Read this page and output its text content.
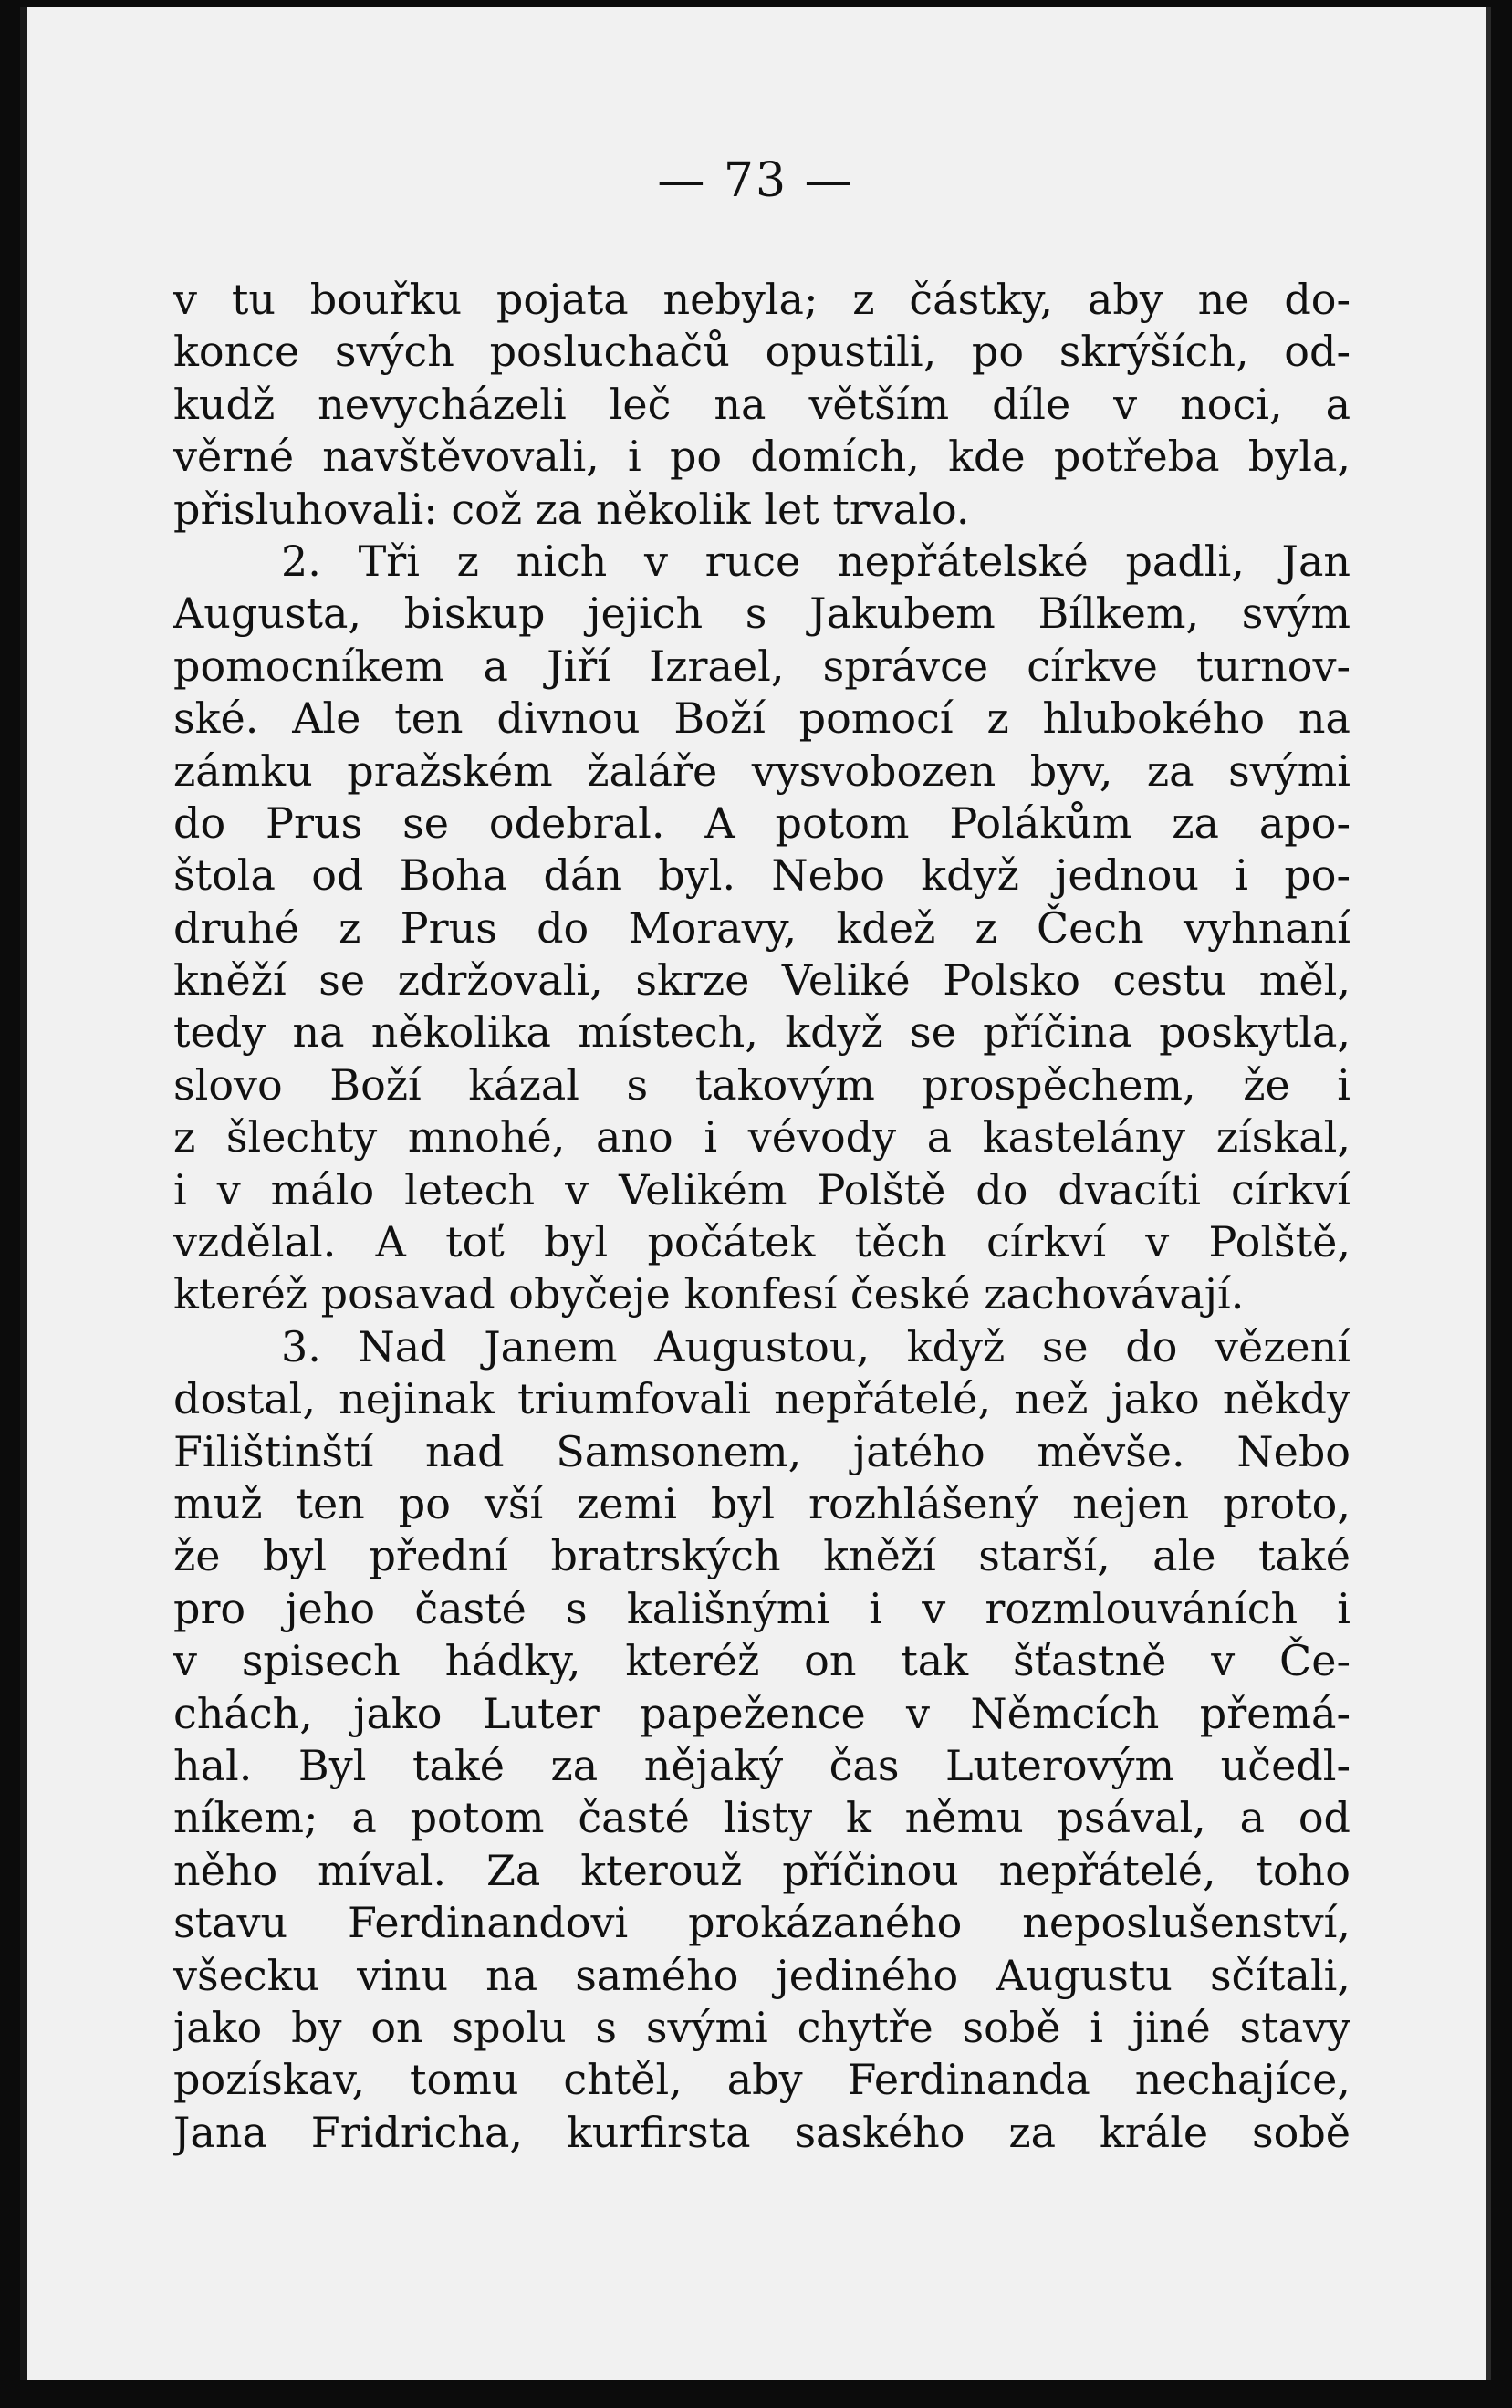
— 73 —
v tu bouřku pojata nebyla; z částky, aby ne do-
konce svých posluchačů opustili, po skrýších, od-
kudž nevycházeli leč na větším díle v noci, a
věrné navštěvovali, i po domích, kde potřeba byla,
přisluhovali: což za několik let trvalo.
2. Tři z nich v ruce nepřátelské padli, Jan
Augusta, biskup jejich s Jakubem Bílkem, svým
pomocníkem a Jiří Izrael, správce církve turnov-
ské. Ale ten divnou Boží pomocí z hlubokého na
zámku pražském žaláře vysvobozen byv, za svými
do Prus se odebral. A potom Polákům za apo-
štola od Boha dán byl. Nebo když jednou i po-
druhé z Prus do Moravy, kdež z Čech vyhnaní
kněží se zdržovali, skrze Veliké Polsko cestu měl,
tedy na několika místech, když se příčina poskytla,
slovo Boží kázal s takovým prospěchem, že i
z šlechty mnohé, ano i vévody a kastelány získal,
i v málo letech v Velikém Polště do dvacíti církví
vzdělal. A toť byl počátek těch církví v Polště,
kteréž posavad obyčeje konfesí české zachovávají.
3. Nad Janem Augustou, když se do vězení
dostal, nejinak triumfovali nepřátelé, než jako někdy
Filištinští nad Samsonem, jatého měvše. Nebo
muž ten po vší zemi byl rozhlášený nejen proto,
že byl přední bratrských kněží starší, ale také
pro jeho časté s kališnými i v rozmlouváních i
v spisech hádky, kteréž on tak šťastně v Če-
chách, jako Luter papežence v Němcích přemá-
hal. Byl také za nějaký čas Luterovým učedl-
níkem; a potom časté listy k němu psával, a od
něho míval. Za kterouž příčinou nepřátelé, toho
stavu Ferdinandovi prokázaného neposlušenství,
všecku vinu na samého jediného Augustu sčítali,
jako by on spolu s svými chytře sobě i jiné stavy
pozískav, tomu chtěl, aby Ferdinanda nechajíce,
Jana Fridricha, kurfirsta saského za krále sobě
